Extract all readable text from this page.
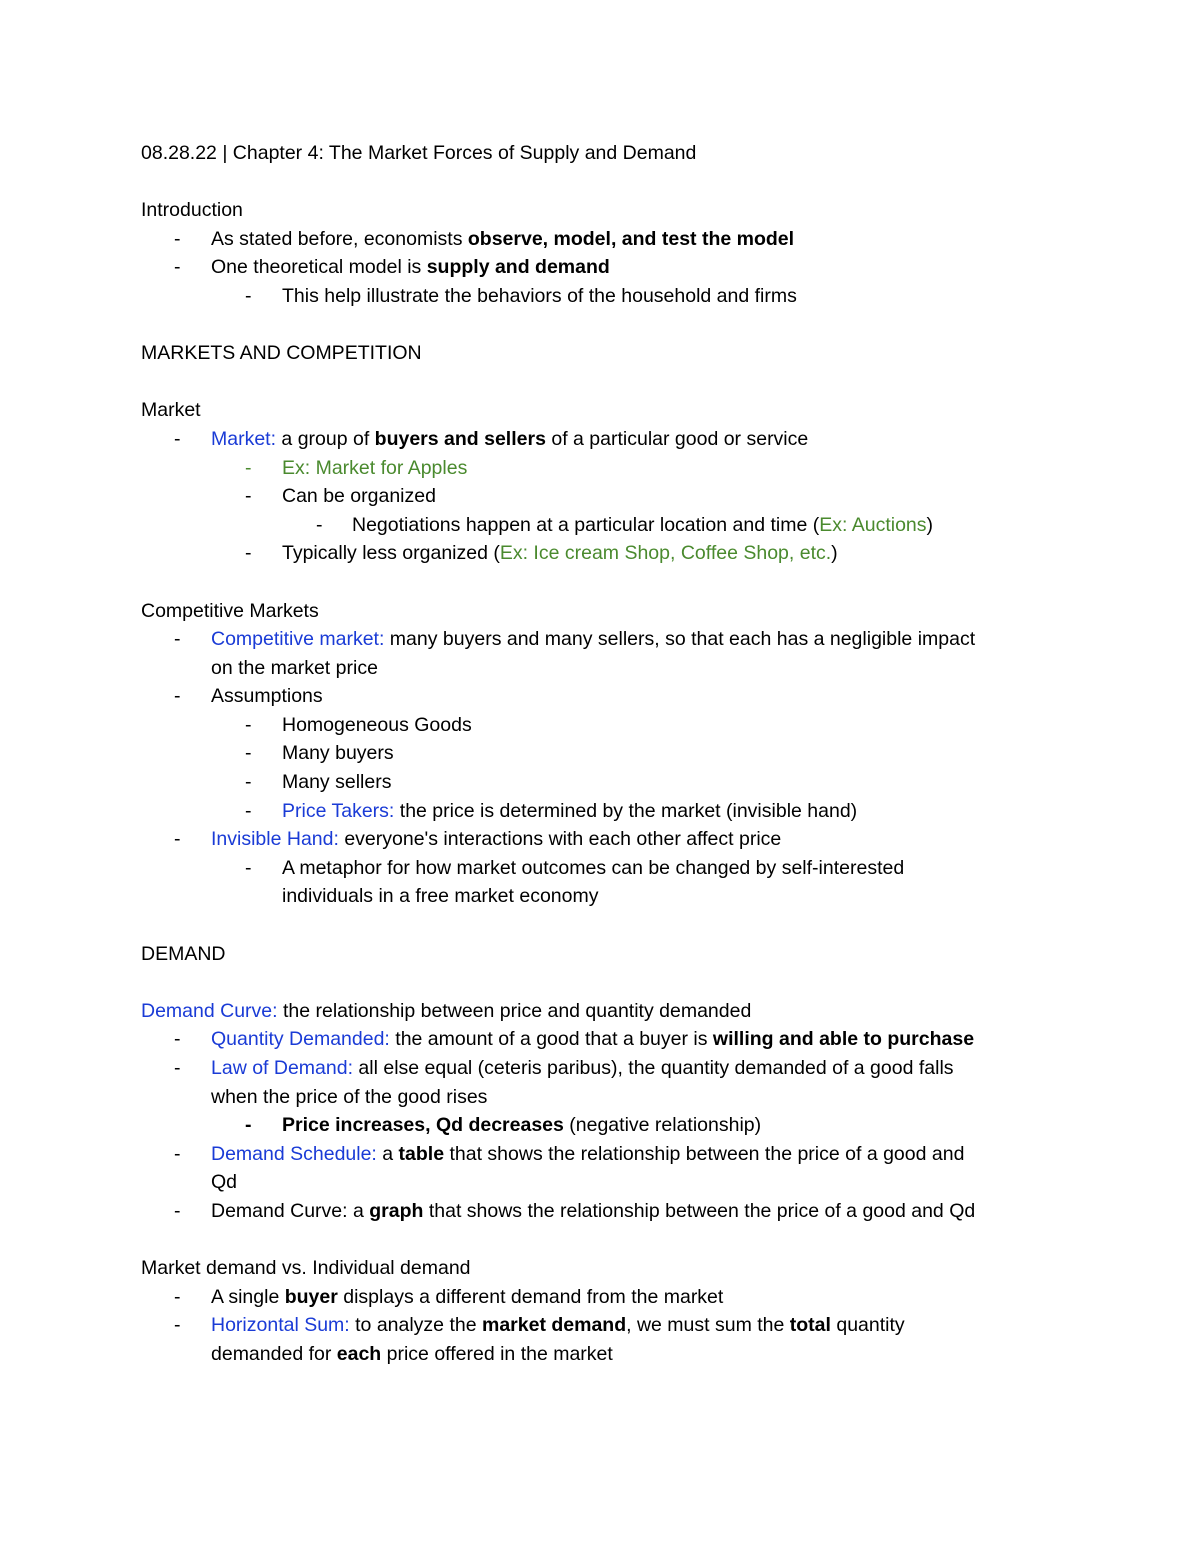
08.28.22 | Chapter 4: The Market Forces of Supply and Demand
Introduction
-	As stated before, economists observe, model, and test the model
-	One theoretical model is supply and demand
-	This help illustrate the behaviors of the household and firms
MARKETS AND COMPETITION
Market
-	Market: a group of buyers and sellers of a particular good or service
-	Ex: Market for Apples
-	Can be organized
-	Negotiations happen at a particular location and time (Ex: Auctions)
-	Typically less organized (Ex: Ice cream Shop, Coffee Shop, etc.)
Competitive Markets
-	Competitive market: many buyers and many sellers, so that each has a negligible impact
on the market price
-	Assumptions
-	Homogeneous Goods
-	Many buyers
-	Many sellers
-	Price Takers: the price is determined by the market (invisible hand)
-	Invisible Hand: everyone's interactions with each other affect price
-	A metaphor for how market outcomes can be changed by self-interested
individuals in a free market economy
DEMAND
Demand Curve: the relationship between price and quantity demanded
-	Quantity Demanded: the amount of a good that a buyer is willing and able to purchase
-	Law of Demand: all else equal (ceteris paribus), the quantity demanded of a good falls
when the price of the good rises
-	Price increases, Qd decreases (negative relationship)
-	Demand Schedule: a table that shows the relationship between the price of a good and
Qd
-	Demand Curve: a graph that shows the relationship between the price of a good and Qd
Market demand vs. Individual demand
-	A single buyer displays a different demand from the market
-	Horizontal Sum: to analyze the market demand, we must sum the total quantity
demanded for each price offered in the market
